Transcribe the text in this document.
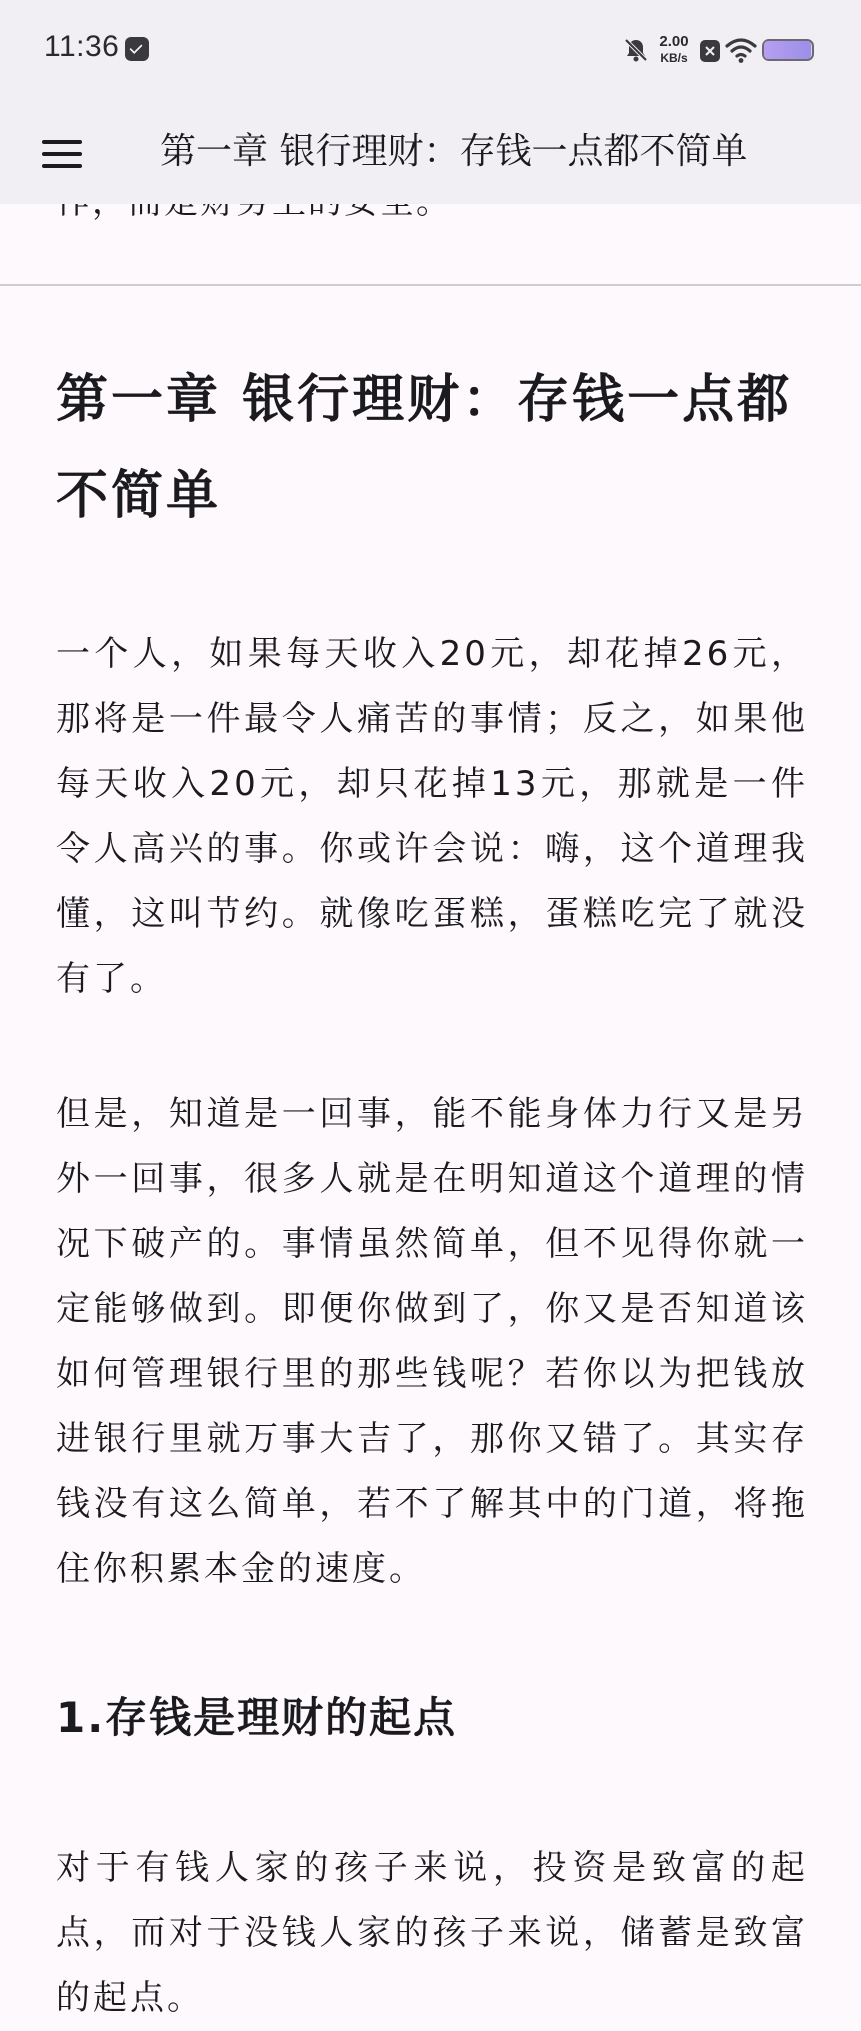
第一章 银行理财：存钱一点都不简单

一个人，如果每天收入20元，却花掉26元，那将是一件最令人痛苦的事情；反之，如果他每天收入20元，却只花掉13元，那就是一件令人高兴的事。你或许会说：嗨，这个道理我懂，这叫节约。就像吃蛋糕，蛋糕吃完了就没有了。

但是，知道是一回事，能不能身体力行又是另外一回事，很多人就是在明知道这个道理的情况下破产的。事情虽然简单，但不见得你就一定能够做到。即便你做到了，你又是否知道该如何管理银行里的那些钱呢？若你以为把钱放进银行里就万事大吉了，那你又错了。其实存钱没有这么简单，若不了解其中的门道，将拖住你积累本金的速度。

1.存钱是理财的起点

对于有钱人家的孩子来说，投资是致富的起点，而对于没钱人家的孩子来说，储蓄是致富的起点。

11:36	2.00
KB/s
第一章 银行理财：存钱一点都不简单
